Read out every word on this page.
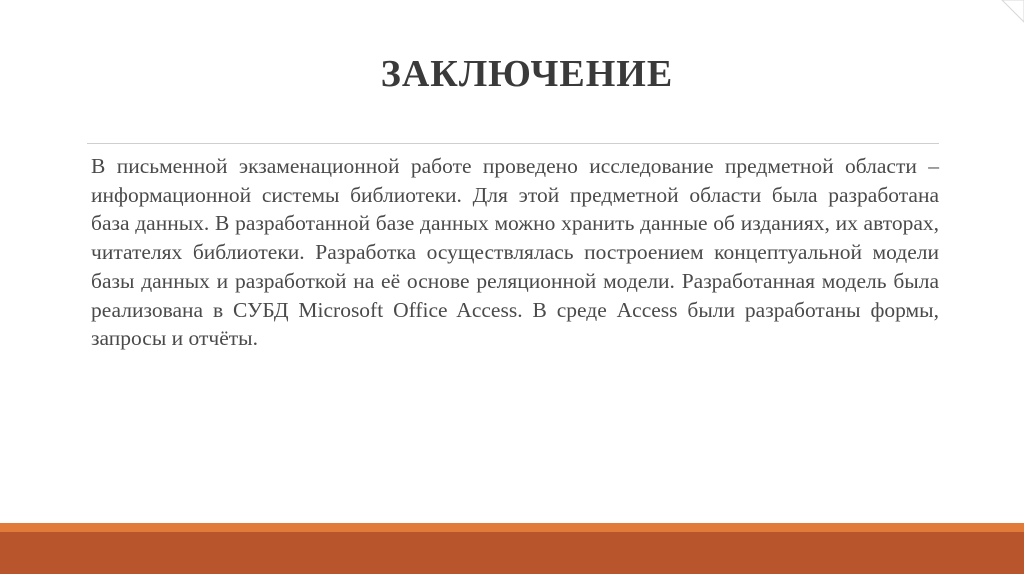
ЗАКЛЮЧЕНИЕ

В письменной экзаменационной работе проведено исследование предметной области – информационной системы библиотеки. Для этой предметной области была разработана база данных. В разработанной базе данных можно хранить данные об изданиях, их авторах, читателях библиотеки. Разработка осуществлялась построением концептуальной модели базы данных и разработкой на её основе реляционной модели. Разработанная модель была реализована в СУБД Microsoft Office Access. В среде Access были разработаны формы, запросы и отчёты.
